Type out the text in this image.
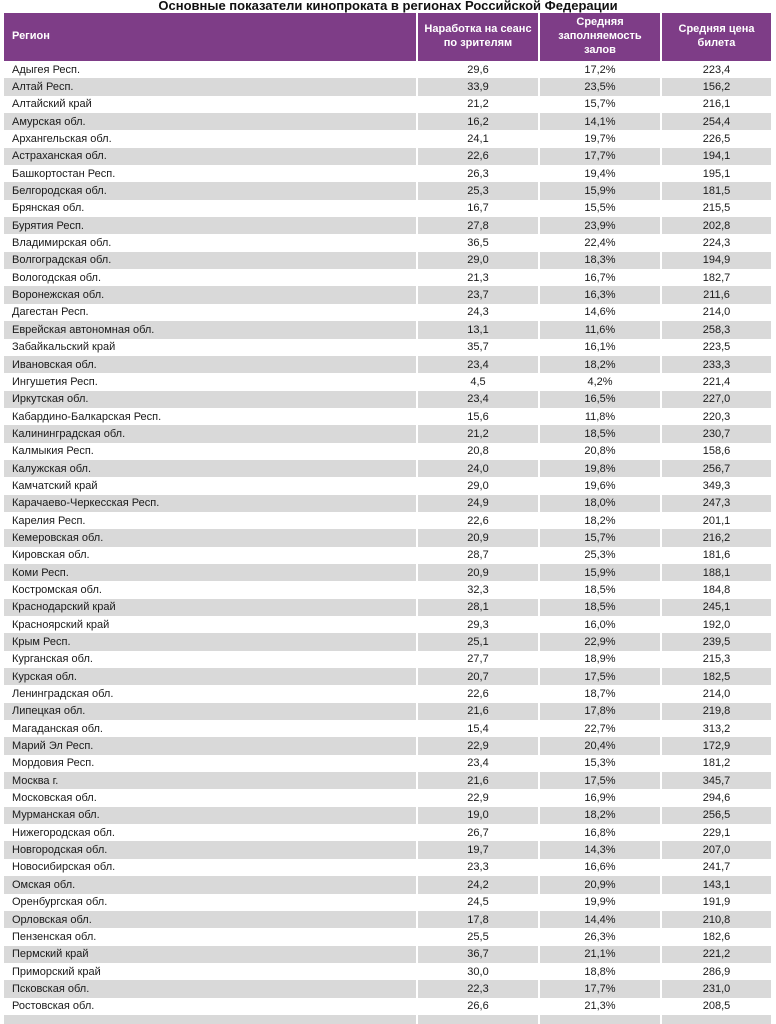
Основные показатели кинопроката в регионах Российской Федерации
Регион	Наработка на сеанс по зрителям	Средняя заполняемость залов	Средняя цена билета
Адыгея Респ.	29,6	17,2%	223,4
Алтай Респ.	33,9	23,5%	156,2
Алтайский край	21,2	15,7%	216,1
Амурская обл.	16,2	14,1%	254,4
Архангельская обл.	24,1	19,7%	226,5
Астраханская обл.	22,6	17,7%	194,1
Башкортостан Респ.	26,3	19,4%	195,1
Белгородская обл.	25,3	15,9%	181,5
Брянская обл.	16,7	15,5%	215,5
Бурятия Респ.	27,8	23,9%	202,8
Владимирская обл.	36,5	22,4%	224,3
Волгоградская обл.	29,0	18,3%	194,9
Вологодская обл.	21,3	16,7%	182,7
Воронежская обл.	23,7	16,3%	211,6
Дагестан Респ.	24,3	14,6%	214,0
Еврейская автономная обл.	13,1	11,6%	258,3
Забайкальский край	35,7	16,1%	223,5
Ивановская обл.	23,4	18,2%	233,3
Ингушетия Респ.	4,5	4,2%	221,4
Иркутская обл.	23,4	16,5%	227,0
Кабардино-Балкарская Респ.	15,6	11,8%	220,3
Калининградская обл.	21,2	18,5%	230,7
Калмыкия Респ.	20,8	20,8%	158,6
Калужская обл.	24,0	19,8%	256,7
Камчатский край	29,0	19,6%	349,3
Карачаево-Черкесская Респ.	24,9	18,0%	247,3
Карелия Респ.	22,6	18,2%	201,1
Кемеровская обл.	20,9	15,7%	216,2
Кировская обл.	28,7	25,3%	181,6
Коми Респ.	20,9	15,9%	188,1
Костромская обл.	32,3	18,5%	184,8
Краснодарский край	28,1	18,5%	245,1
Красноярский край	29,3	16,0%	192,0
Крым Респ.	25,1	22,9%	239,5
Курганская обл.	27,7	18,9%	215,3
Курская обл.	20,7	17,5%	182,5
Ленинградская обл.	22,6	18,7%	214,0
Липецкая обл.	21,6	17,8%	219,8
Магаданская обл.	15,4	22,7%	313,2
Марий Эл Респ.	22,9	20,4%	172,9
Мордовия Респ.	23,4	15,3%	181,2
Москва г.	21,6	17,5%	345,7
Московская обл.	22,9	16,9%	294,6
Мурманская обл.	19,0	18,2%	256,5
Нижегородская обл.	26,7	16,8%	229,1
Новгородская обл.	19,7	14,3%	207,0
Новосибирская обл.	23,3	16,6%	241,7
Омская обл.	24,2	20,9%	143,1
Оренбургская обл.	24,5	19,9%	191,9
Орловская обл.	17,8	14,4%	210,8
Пензенская обл.	25,5	26,3%	182,6
Пермский край	36,7	21,1%	221,2
Приморский край	30,0	18,8%	286,9
Псковская обл.	22,3	17,7%	231,0
Ростовская обл.	26,6	21,3%	208,5
